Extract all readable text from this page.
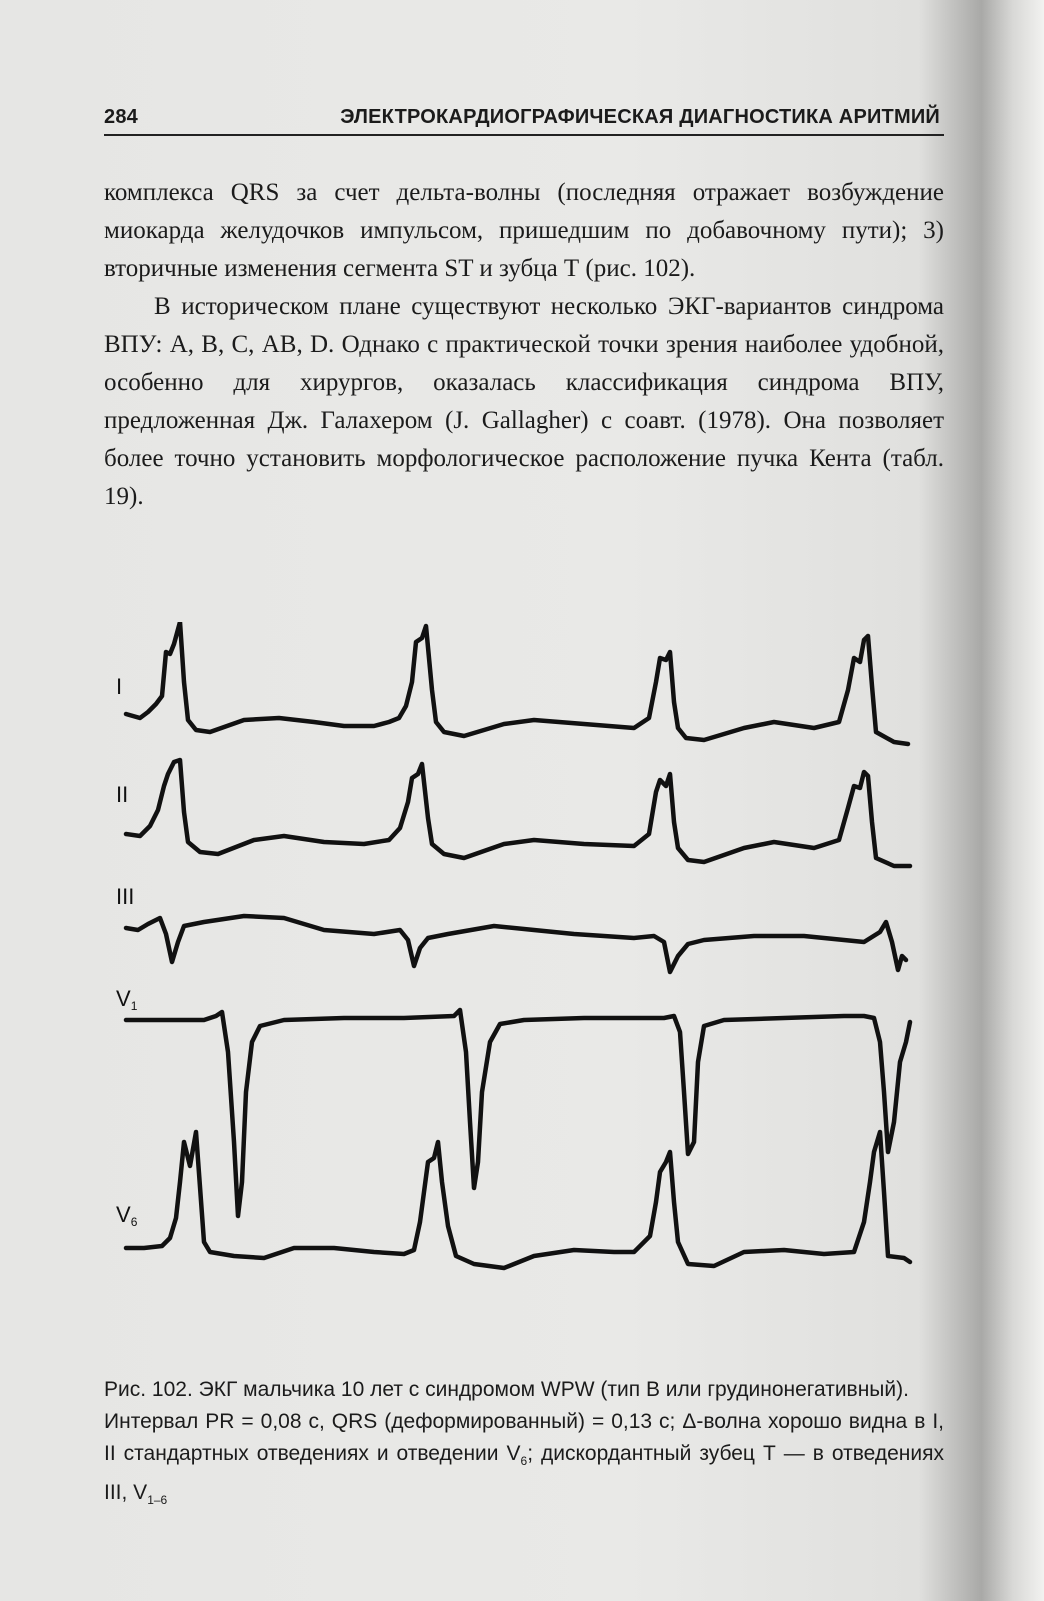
284	ЭЛЕКТРОКАРДИОГРАФИЧЕСКАЯ ДИАГНОСТИКА АРИТМИЙ

комплекса QRS за счет дельта-волны (последняя отражает возбуждение миокарда желудочков импульсом, пришедшим по добавочному пути); 3) вторичные изменения сегмента ST и зубца Т (рис. 102).

В историческом плане существуют несколько ЭКГ-вариантов синдрома ВПУ: А, В, С, АВ, D. Однако с практической точки зрения наиболее удобной, особенно для хирургов, оказалась классификация синдрома ВПУ, предложенная Дж. Галахером (J. Gallagher) с соавт. (1978). Она позволяет более точно установить морфологическое расположение пучка Кента (табл. 19).

I
II
III
$V_1$
$V_6$

Рис. 102. ЭКГ мальчика 10 лет с синдромом WPW (тип В или грудинонегативный).

Интервал PR = 0,08 с, QRS (деформированный) = 0,13 с; Δ-волна хорошо видна в I, II стандартных отведениях и отведении $V_6$; дискордантный зубец Т — в отведениях III, $V_{1-6}$
